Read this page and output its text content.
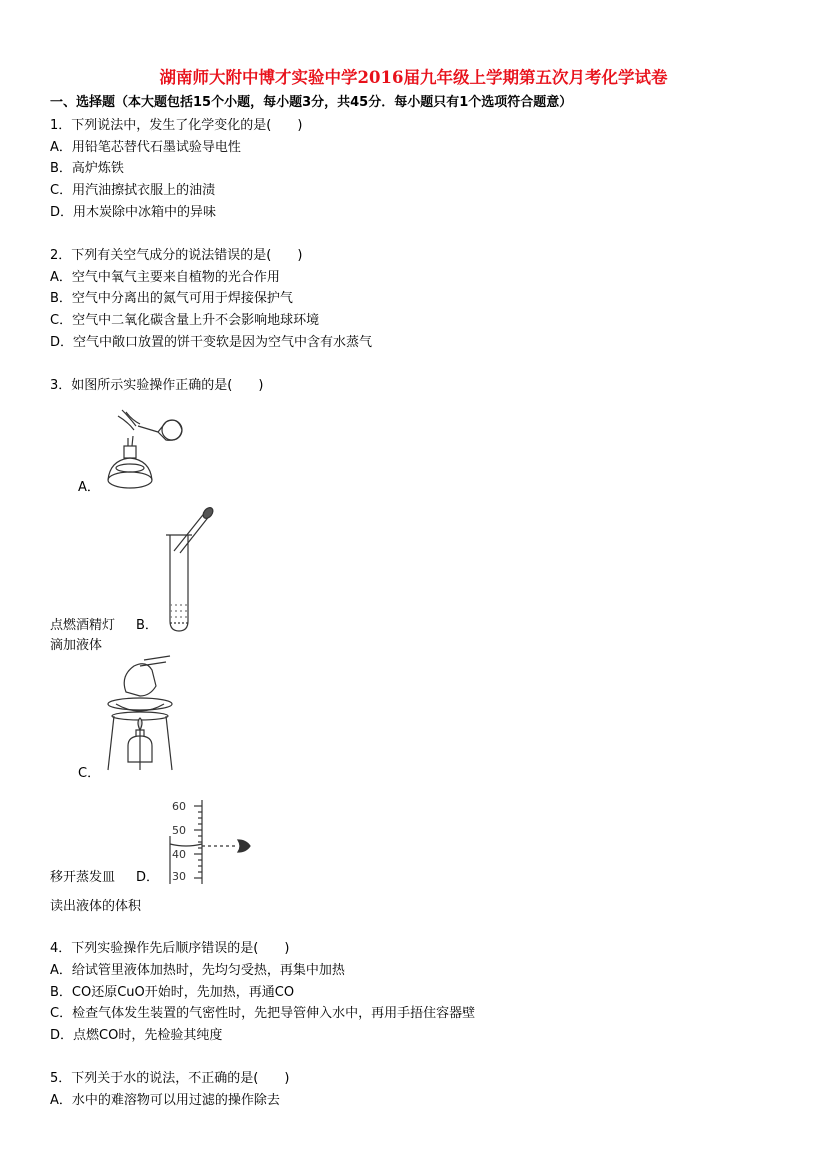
湖南师大附中博才实验中学2016届九年级上学期第五次月考化学试卷
一、选择题（本大题包括15个小题，每小题3分，共45分．每小题只有1个选项符合题意）
1．下列说法中，发生了化学变化的是(　　)
A．用铅笔芯替代石墨试验导电性
B．高炉炼铁
C．用汽油擦拭衣服上的油渍
D．用木炭除中冰箱中的异味
2．下列有关空气成分的说法错误的是(　　)
A．空气中氧气主要来自植物的光合作用
B．空气中分离出的氮气可用于焊接保护气
C．空气中二氧化碳含量上升不会影响地球环境
D．空气中敞口放置的饼干变软是因为空气中含有水蒸气
3．如图所示实验操作正确的是(　　)
A．
点燃酒精灯 B．
滴加液体
C．
60
50
40
30
移开蒸发皿 D．
读出液体的体积
4．下列实验操作先后顺序错误的是(　　)
A．给试管里液体加热时，先均匀受热，再集中加热
B．CO还原CuO开始时，先加热，再通CO
C．检查气体发生装置的气密性时，先把导管伸入水中，再用手捂住容器壁
D．点燃CO时，先检验其纯度
5．下列关于水的说法，不正确的是(　　)
A．水中的难溶物可以用过滤的操作除去
